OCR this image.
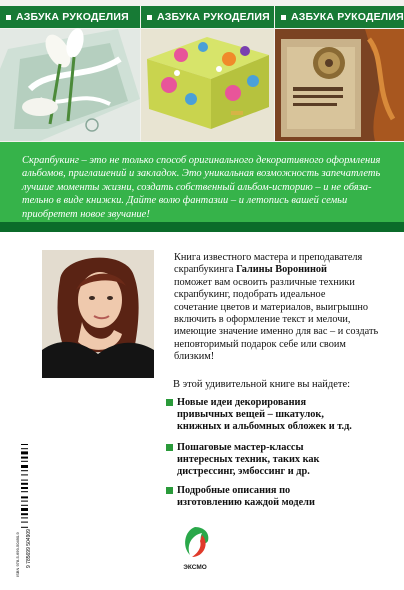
АЗБУКА РУКОДЕЛИЯ	АЗБУКА РУКОДЕЛИЯ	АЗБУКА РУКОДЕЛИЯ
Скрапбукинг – это не только способ оригинального декоративного оформления
альбомов, приглашений и закладок. Это уникальная возможность запечатлеть
лучшие моменты жизни, создать собственный альбом-историю – и не обяза-
тельно в виде книжки. Дайте волю фантазии – и летопись вашей семьи
приобретет новое звучание!
Книга известного мастера и преподавателя
скрапбукинга Галины Ворониной
поможет вам освоить различные техники
скрапбукинг, подобрать идеальное
сочетание цветов и материалов, выигрышно
включить в оформление текст и мелочи,
имеющие значение именно для вас – и создать
неповторимый подарок себе или своим
близким!
В этой удивительной книге вы найдете:
Новые идеи декорирования
привычных вещей – шкатулок,
книжных и альбомных обложек и т.д.
Пошаговые мастер-классы
интересных техник, таких как
дистрессинг, эмбоссинг и др.
Подробные описания по
изготовлению каждой модели
ISBN 978-5-699-50490-9 9 785699 504909	ЭКСМО
